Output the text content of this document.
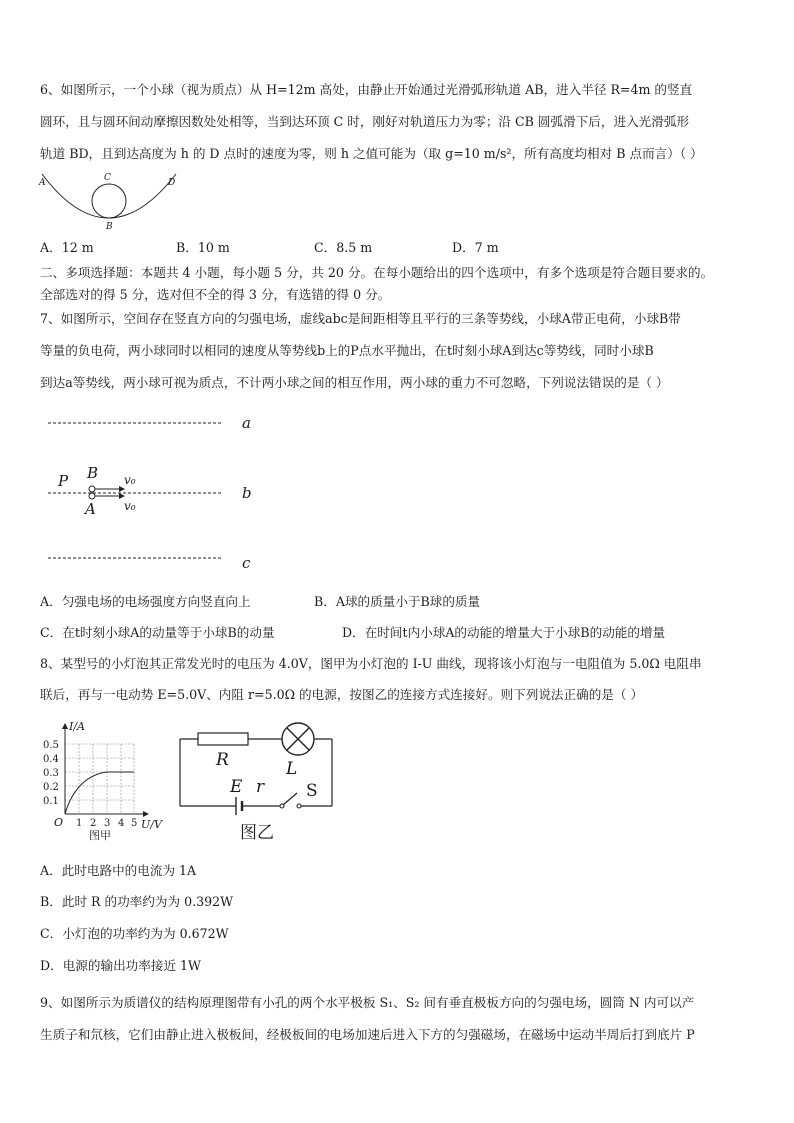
6、如图所示，一个小球（视为质点）从 H=12m 高处，由静止开始通过光滑弧形轨道 AB，进入半径 R=4m 的竖直
圆环，且与圆环间动摩擦因数处处相等，当到达环顶 C 时，刚好对轨道压力为零；沿 CB 圆弧滑下后，进入光滑弧形
轨道 BD，且到达高度为 h 的 D 点时的速度为零，则 h 之值可能为（取 g=10 m/s²，所有高度均相对 B 点而言）（ ）
A	C	D
B
A．12 m	B．10 m	C．8.5 m	D．7 m
二、多项选择题：本题共 4 小题，每小题 5 分，共 20 分。在每小题给出的四个选项中，有多个选项是符合题目要求的。
全部选对的得 5 分，选对但不全的得 3 分，有选错的得 0 分。
7、如图所示，空间存在竖直方向的匀强电场，虚线abc是间距相等且平行的三条等势线，小球A带正电荷，小球B带
等量的负电荷，两小球同时以相同的速度从等势线b上的P点水平抛出，在t时刻小球A到达c等势线，同时小球B
到达a等势线，两小球可视为质点，不计两小球之间的相互作用，两小球的重力不可忽略，下列说法错误的是（ ）
a
b
c
P B
A
v₀
v₀
A．匀强电场的电场强度方向竖直向上	B．A球的质量小于B球的质量
C．在t时刻小球A的动量等于小球B的动量	D．在时间t内小球A的动能的增量大于小球B的动能的增量
8、某型号的小灯泡其正常发光时的电压为 4.0V，图甲为小灯泡的 I-U 曲线，现将该小灯泡与一电阻值为 5.0Ω 电阻串
联后，再与一电动势 E=5.0V、内阻 r=5.0Ω 的电源，按图乙的连接方式连接好。则下列说法正确的是（ ）
I/A
U/V
O
0.5
0.4
0.3
0.2
0.1
1 2 3 4 5
图甲
R	L
E r S
图乙
A．此时电路中的电流为 1A
B．此时 R 的功率约为为 0.392W
C．小灯泡的功率约为为 0.672W
D．电源的输出功率接近 1W
9、如图所示为质谱仪的结构原理图带有小孔的两个水平极板 S₁、S₂ 间有垂直极板方向的匀强电场，圆筒 N 内可以产
生质子和氘核，它们由静止进入极板间，经极板间的电场加速后进入下方的匀强磁场，在磁场中运动半周后打到底片 P
